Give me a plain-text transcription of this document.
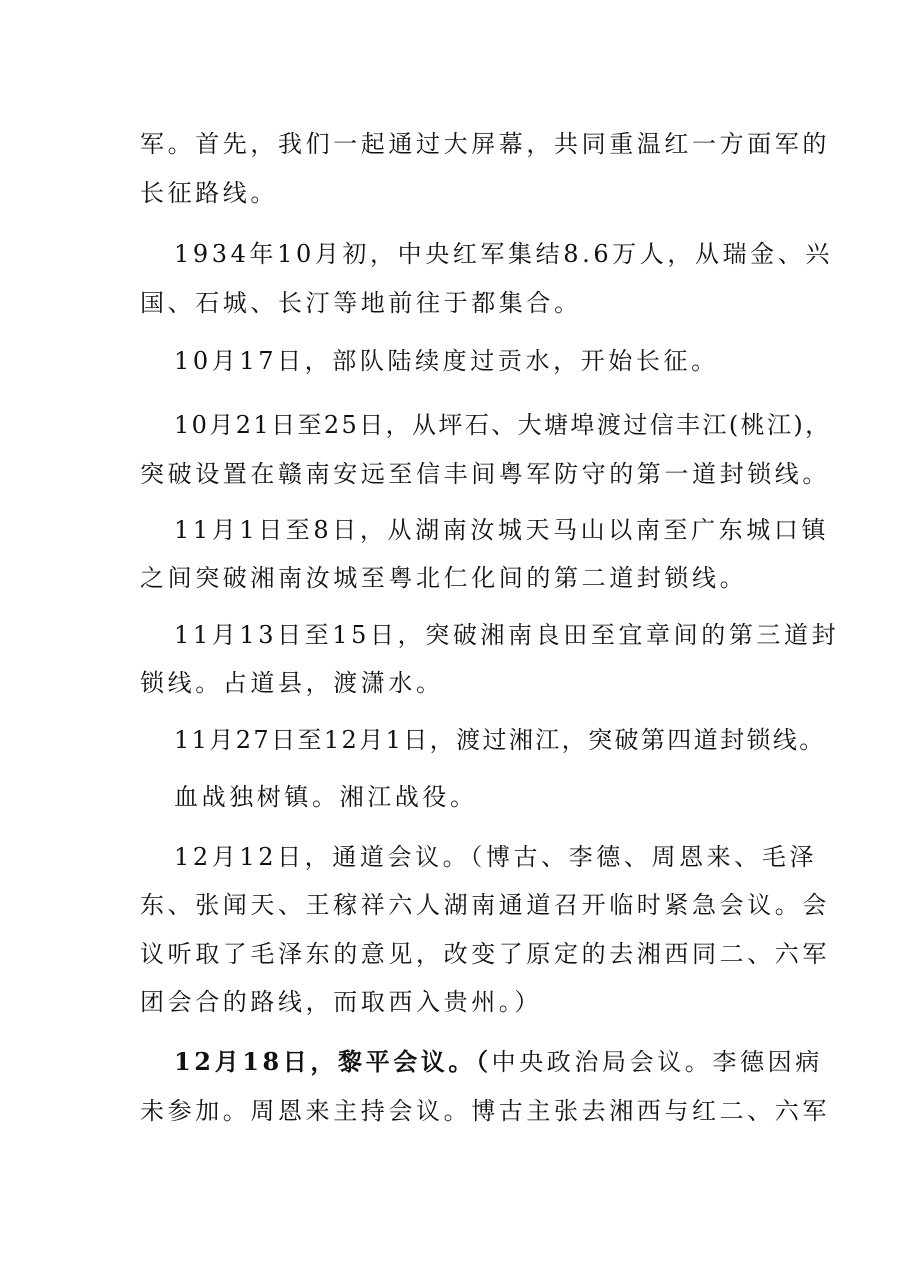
军。首先，我们一起通过大屏幕，共同重温红一方面军的
长征路线。
1934年10月初，中央红军集结8.6万人，从瑞金、兴
国、石城、长汀等地前往于都集合。
10月17日，部队陆续度过贡水，开始长征。
10月21日至25日，从坪石、大塘埠渡过信丰江(桃江)，
突破设置在赣南安远至信丰间粤军防守的第一道封锁线。
11月1日至8日，从湖南汝城天马山以南至广东城口镇
之间突破湘南汝城至粤北仁化间的第二道封锁线。
11月13日至15日，突破湘南良田至宜章间的第三道封
锁线。占道县，渡潇水。
11月27日至12月1日，渡过湘江，突破第四道封锁线。
血战独树镇。湘江战役。
12月12日，通道会议。（博古、李德、周恩来、毛泽
东、张闻天、王稼祥六人湖南通道召开临时紧急会议。会
议听取了毛泽东的意见，改变了原定的去湘西同二、六军
团会合的路线，而取西入贵州。）
12月18日，黎平会议。（中央政治局会议。李德因病
未参加。周恩来主持会议。博古主张去湘西与红二、六军
